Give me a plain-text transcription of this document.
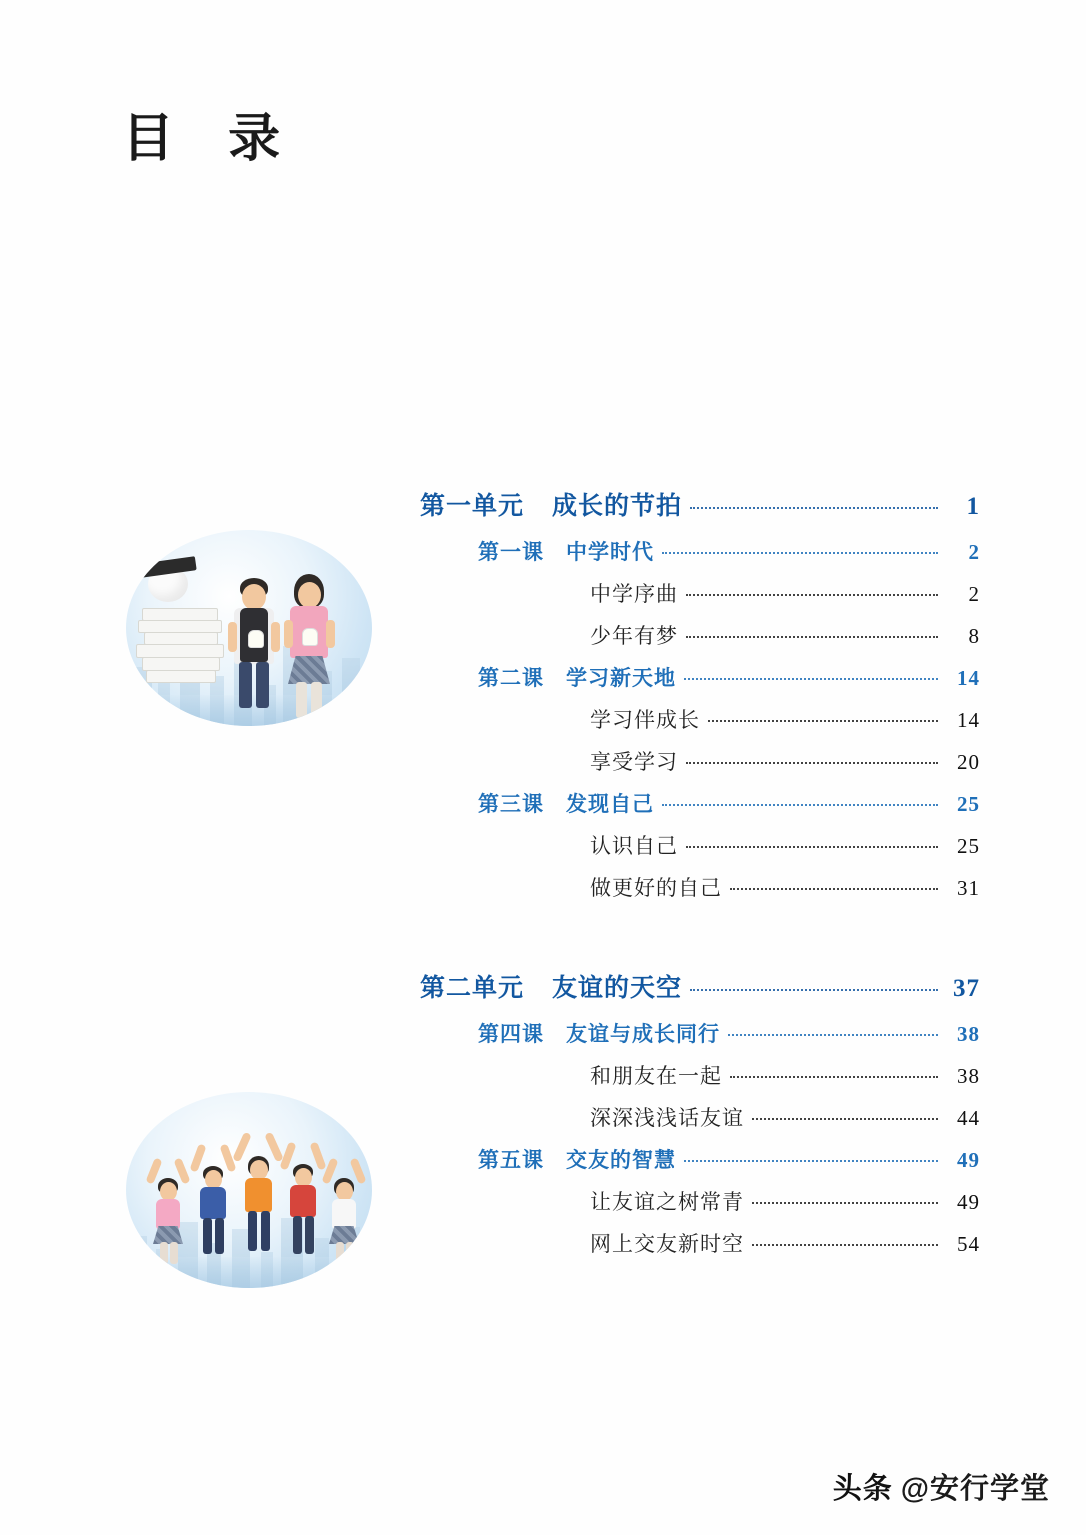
目 录
第一单元 成长的节拍	1
第一课 中学时代	2
中学序曲	2
少年有梦	8
第二课 学习新天地	14
学习伴成长	14
享受学习	20
第三课 发现自己	25
认识自己	25
做更好的自己	31
第二单元 友谊的天空	37
第四课 友谊与成长同行	38
和朋友在一起	38
深深浅浅话友谊	44
第五课 交友的智慧	49
让友谊之树常青	49
网上交友新时空	54
头条 @安行学堂
